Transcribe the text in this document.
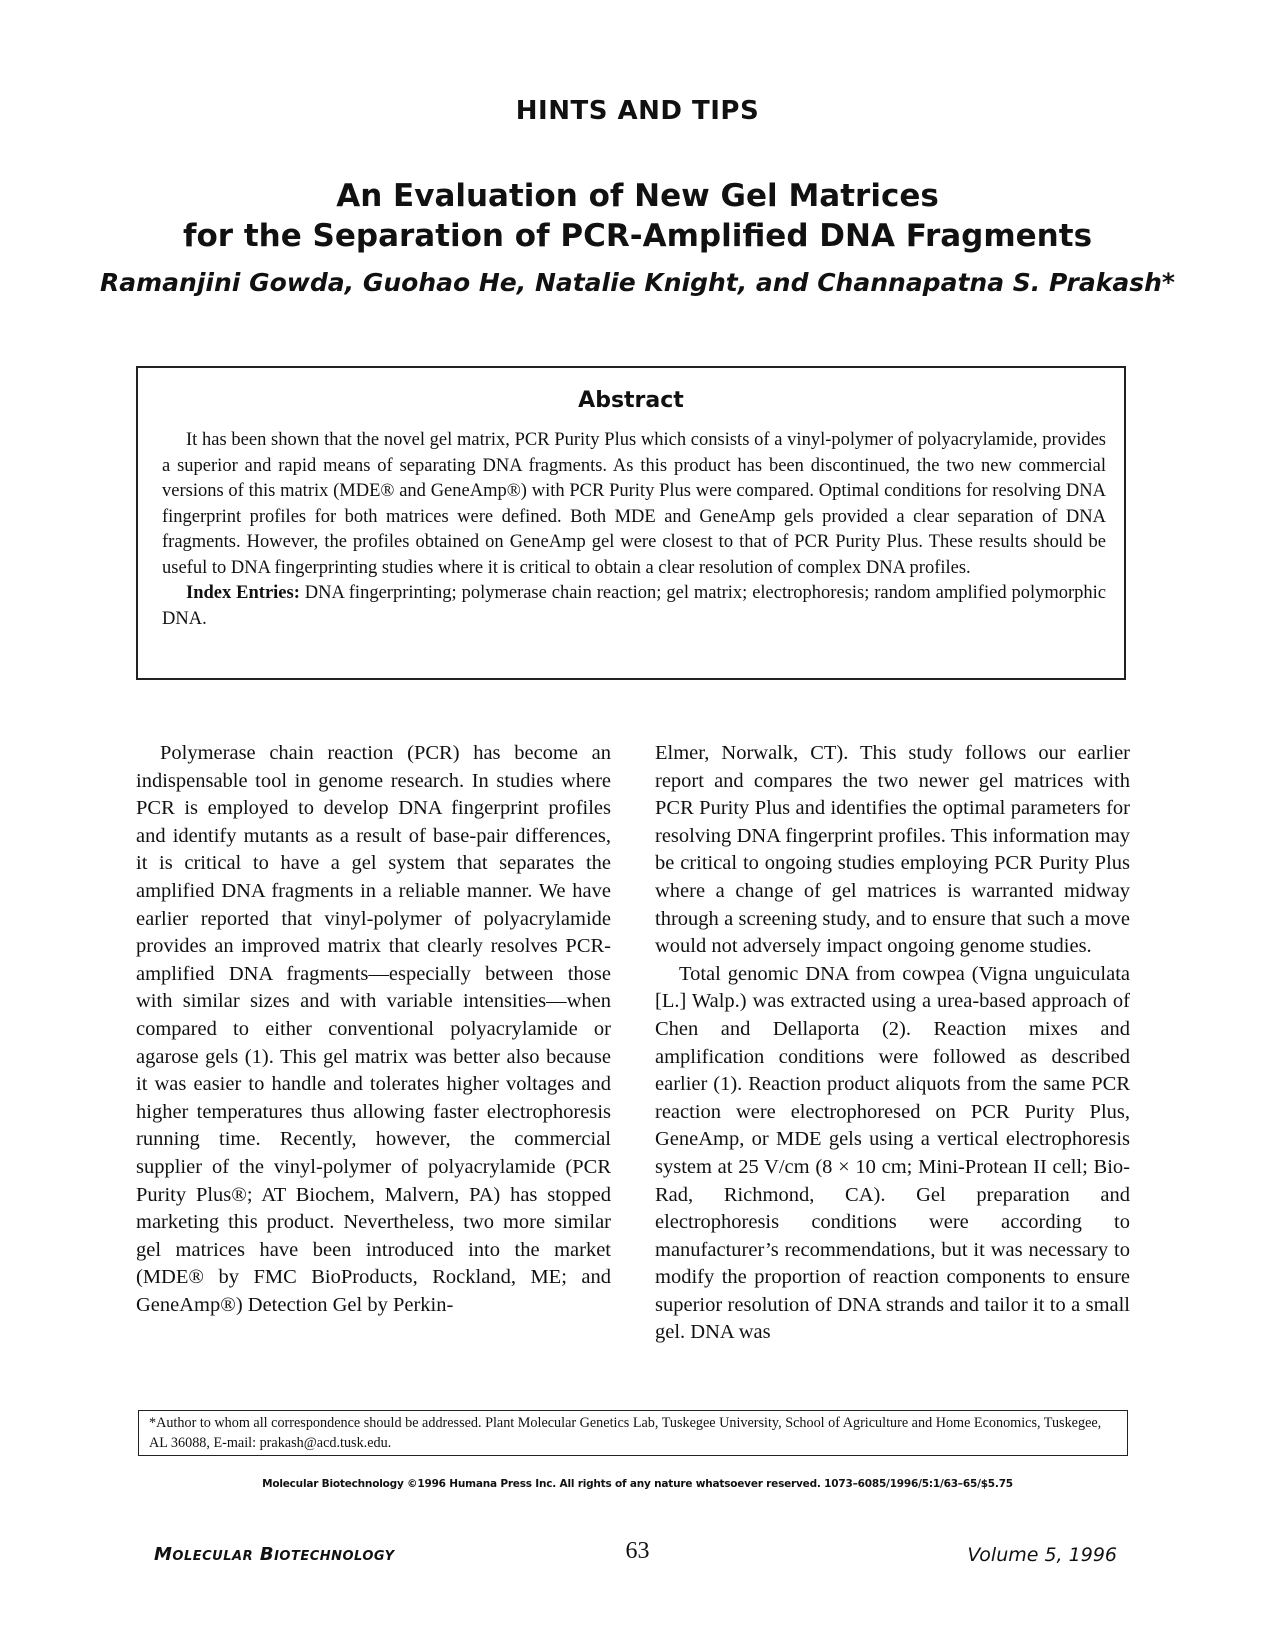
HINTS AND TIPS
An Evaluation of New Gel Matrices
for the Separation of PCR-Amplified DNA Fragments
Ramanjini Gowda, Guohao He, Natalie Knight, and Channapatna S. Prakash*
Abstract

It has been shown that the novel gel matrix, PCR Purity Plus which consists of a vinyl-polymer of polyacrylamide, provides a superior and rapid means of separating DNA fragments. As this product has been discontinued, the two new commercial versions of this matrix (MDE® and GeneAmp®) with PCR Purity Plus were compared. Optimal conditions for resolving DNA fingerprint profiles for both matrices were defined. Both MDE and GeneAmp gels provided a clear separation of DNA fragments. However, the profiles obtained on GeneAmp gel were closest to that of PCR Purity Plus. These results should be useful to DNA fingerprinting studies where it is critical to obtain a clear resolution of complex DNA profiles.

Index Entries: DNA fingerprinting; polymerase chain reaction; gel matrix; electrophoresis; random amplified polymorphic DNA.

Polymerase chain reaction (PCR) has become an indispensable tool in genome research. In studies where PCR is employed to develop DNA fingerprint profiles and identify mutants as a result of base-pair differences, it is critical to have a gel system that separates the amplified DNA fragments in a reliable manner. We have earlier reported that vinyl-polymer of polyacrylamide provides an improved matrix that clearly resolves PCR-amplified DNA fragments—especially between those with similar sizes and with variable intensities—when compared to either conventional polyacrylamide or agarose gels (1). This gel matrix was better also because it was easier to handle and tolerates higher voltages and higher temperatures thus allowing faster electrophoresis running time. Recently, however, the commercial supplier of the vinyl-polymer of polyacrylamide (PCR Purity Plus®; AT Biochem, Malvern, PA) has stopped marketing this product. Nevertheless, two more similar gel matrices have been introduced into the market (MDE® by FMC BioProducts, Rockland, ME; and GeneAmp®) Detection Gel by Perkin-

Elmer, Norwalk, CT). This study follows our earlier report and compares the two newer gel matrices with PCR Purity Plus and identifies the optimal parameters for resolving DNA fingerprint profiles. This information may be critical to ongoing studies employing PCR Purity Plus where a change of gel matrices is warranted midway through a screening study, and to ensure that such a move would not adversely impact ongoing genome studies.

Total genomic DNA from cowpea (Vigna unguiculata [L.] Walp.) was extracted using a urea-based approach of Chen and Dellaporta (2). Reaction mixes and amplification conditions were followed as described earlier (1). Reaction product aliquots from the same PCR reaction were electrophoresed on PCR Purity Plus, GeneAmp, or MDE gels using a vertical electrophoresis system at 25 V/cm (8 × 10 cm; Mini-Protean II cell; Bio-Rad, Richmond, CA). Gel preparation and electrophoresis conditions were according to manufacturer’s recommendations, but it was necessary to modify the proportion of reaction components to ensure superior resolution of DNA strands and tailor it to a small gel. DNA was

*Author to whom all correspondence should be addressed. Plant Molecular Genetics Lab, Tuskegee University, School of Agriculture and Home Economics, Tuskegee, AL 36088, E-mail: prakash@acd.tusk.edu.

Molecular Biotechnology ©1996 Humana Press Inc. All rights of any nature whatsoever reserved. 1073–6085/1996/5:1/63–65/$5.75
Molecular Biotechnology	63	Volume 5, 1996
